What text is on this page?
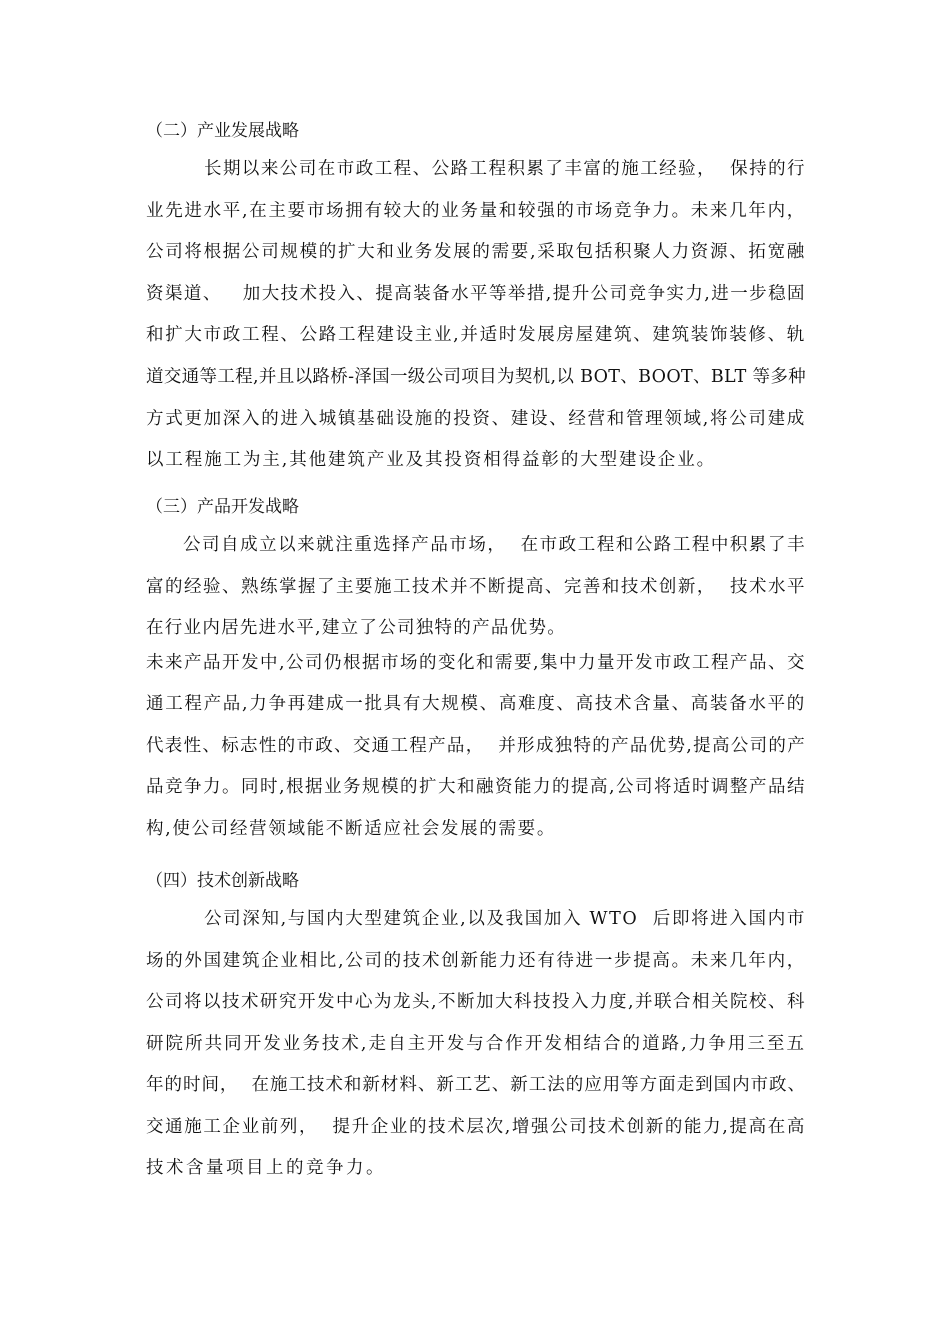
（二）产业发展战略
长期以来公司在市政工程、公路工程积累了丰富的施工经验，  保持的行
业先进水平,在主要市场拥有较大的业务量和较强的市场竞争力。未来几年内，
公司将根据公司规模的扩大和业务发展的需要,采取包括积聚人力资源、拓宽融
资渠道、   加大技术投入、提高装备水平等举措,提升公司竞争实力,进一步稳固
和扩大市政工程、公路工程建设主业,并适时发展房屋建筑、建筑装饰装修、轨
道交通等工程,并且以路桥-泽国一级公司项目为契机,以 BOT、BOOT、BLT 等多种
方式更加深入的进入城镇基础设施的投资、建设、经营和管理领域,将公司建成
以工程施工为主,其他建筑产业及其投资相得益彰的大型建设企业。
（三）产品开发战略
公司自成立以来就注重选择产品市场，  在市政工程和公路工程中积累了丰
富的经验、熟练掌握了主要施工技术并不断提高、完善和技术创新，  技术水平
在行业内居先进水平,建立了公司独特的产品优势。
未来产品开发中,公司仍根据市场的变化和需要,集中力量开发市政工程产品、交
通工程产品,力争再建成一批具有大规模、高难度、高技术含量、高装备水平的
代表性、标志性的市政、交通工程产品，  并形成独特的产品优势,提高公司的产
品竞争力。同时,根据业务规模的扩大和融资能力的提高,公司将适时调整产品结
构,使公司经营领域能不断适应社会发展的需要。
（四）技术创新战略
公司深知,与国内大型建筑企业,以及我国加入 WTO  后即将进入国内市
场的外国建筑企业相比,公司的技术创新能力还有待进一步提高。未来几年内，
公司将以技术研究开发中心为龙头,不断加大科技投入力度,并联合相关院校、科
研院所共同开发业务技术,走自主开发与合作开发相结合的道路,力争用三至五
年的时间，  在施工技术和新材料、新工艺、新工法的应用等方面走到国内市政、
交通施工企业前列，  提升企业的技术层次,增强公司技术创新的能力,提高在高
技术含量项目上的竞争力。
